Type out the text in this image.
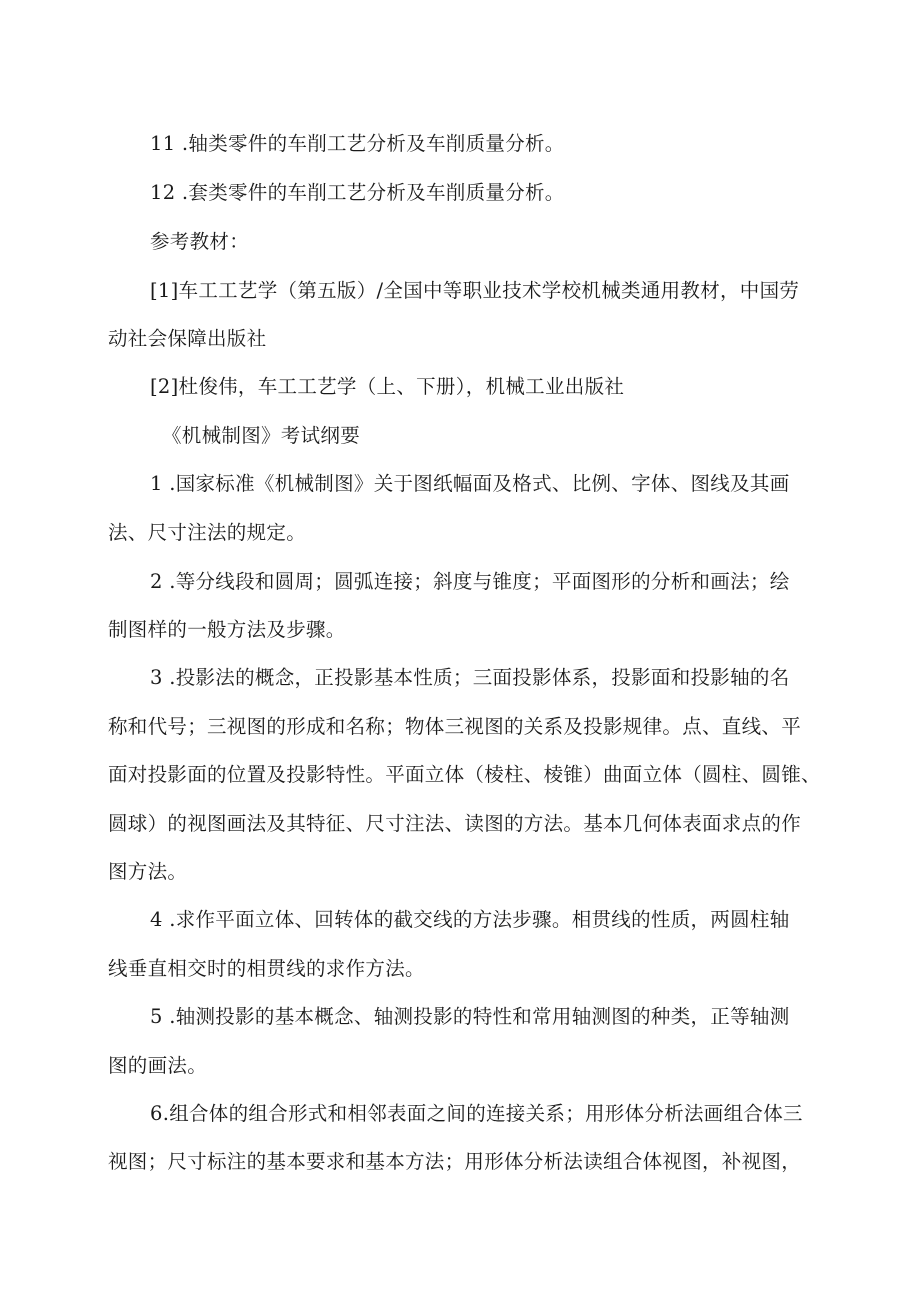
11 .轴类零件的车削工艺分析及车削质量分析。
12 .套类零件的车削工艺分析及车削质量分析。
参考教材：
[1]车工工艺学（第五版）/全国中等职业技术学校机械类通用教材，中国劳
动社会保障出版社
[2]杜俊伟，车工工艺学（上、下册），机械工业出版社
《机械制图》考试纲要
1 .国家标准《机械制图》关于图纸幅面及格式、比例、字体、图线及其画
法、尺寸注法的规定。
2 .等分线段和圆周；圆弧连接；斜度与锥度；平面图形的分析和画法；绘
制图样的一般方法及步骤。
3 .投影法的概念，正投影基本性质；三面投影体系，投影面和投影轴的名
称和代号；三视图的形成和名称；物体三视图的关系及投影规律。点、直线、平
面对投影面的位置及投影特性。平面立体（棱柱、棱锥）曲面立体（圆柱、圆锥、
圆球）的视图画法及其特征、尺寸注法、读图的方法。基本几何体表面求点的作
图方法。
4 .求作平面立体、回转体的截交线的方法步骤。相贯线的性质，两圆柱轴
线垂直相交时的相贯线的求作方法。
5 .轴测投影的基本概念、轴测投影的特性和常用轴测图的种类，正等轴测
图的画法。
6.组合体的组合形式和相邻表面之间的连接关系；用形体分析法画组合体三
视图；尺寸标注的基本要求和基本方法；用形体分析法读组合体视图，补视图，
